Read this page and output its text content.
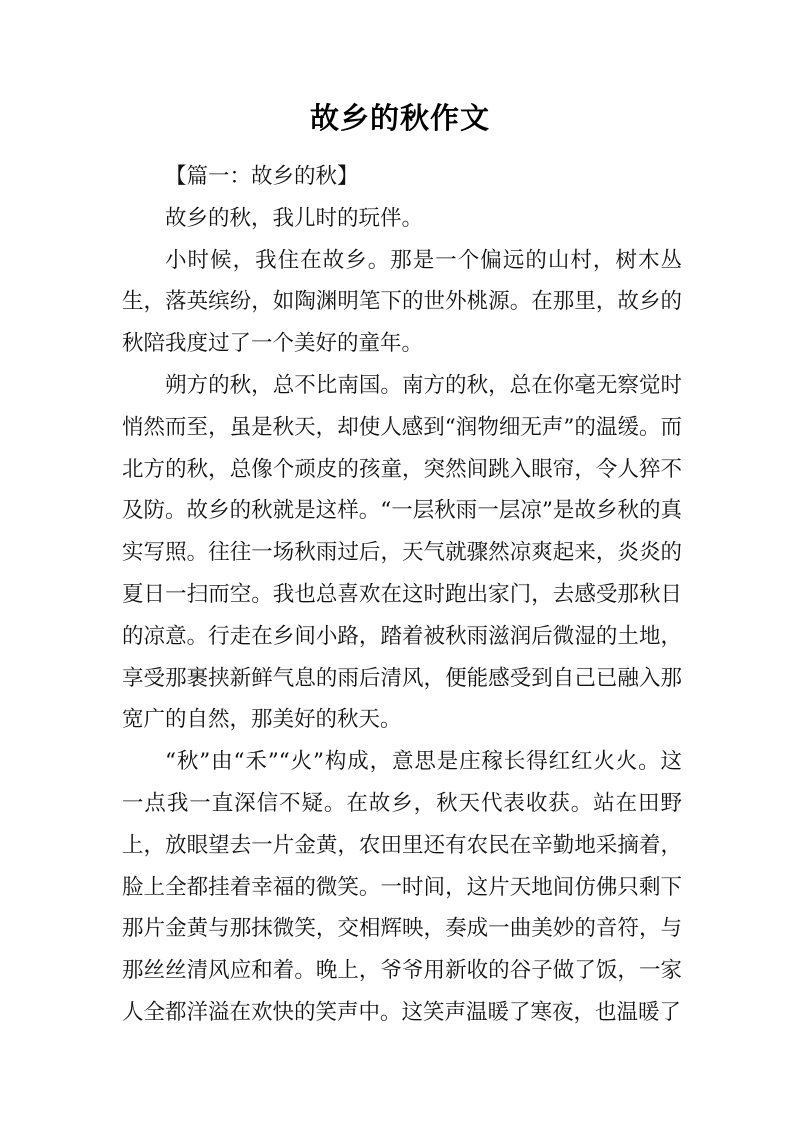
故乡的秋作文

【篇一：故乡的秋】

故乡的秋，我儿时的玩伴。

小时候，我住在故乡。那是一个偏远的山村，树木丛生，落英缤纷，如陶渊明笔下的世外桃源。在那里，故乡的秋陪我度过了一个美好的童年。

朔方的秋，总不比南国。南方的秋，总在你毫无察觉时悄然而至，虽是秋天，却使人感到“润物细无声”的温缓。而北方的秋，总像个顽皮的孩童，突然间跳入眼帘，令人猝不及防。故乡的秋就是这样。“一层秋雨一层凉”是故乡秋的真实写照。往往一场秋雨过后，天气就骤然凉爽起来，炎炎的夏日一扫而空。我也总喜欢在这时跑出家门，去感受那秋日的凉意。行走在乡间小路，踏着被秋雨滋润后微湿的土地，享受那裹挟新鲜气息的雨后清风，便能感受到自己已融入那宽广的自然，那美好的秋天。

“秋”由“禾”“火”构成，意思是庄稼长得红红火火。这一点我一直深信不疑。在故乡，秋天代表收获。站在田野上，放眼望去一片金黄，农田里还有农民在辛勤地采摘着，脸上全都挂着幸福的微笑。一时间，这片天地间仿佛只剩下那片金黄与那抹微笑，交相辉映，奏成一曲美妙的音符，与那丝丝清风应和着。晚上，爷爷用新收的谷子做了饭，一家人全都洋溢在欢快的笑声中。这笑声温暖了寒夜，也温暖了
